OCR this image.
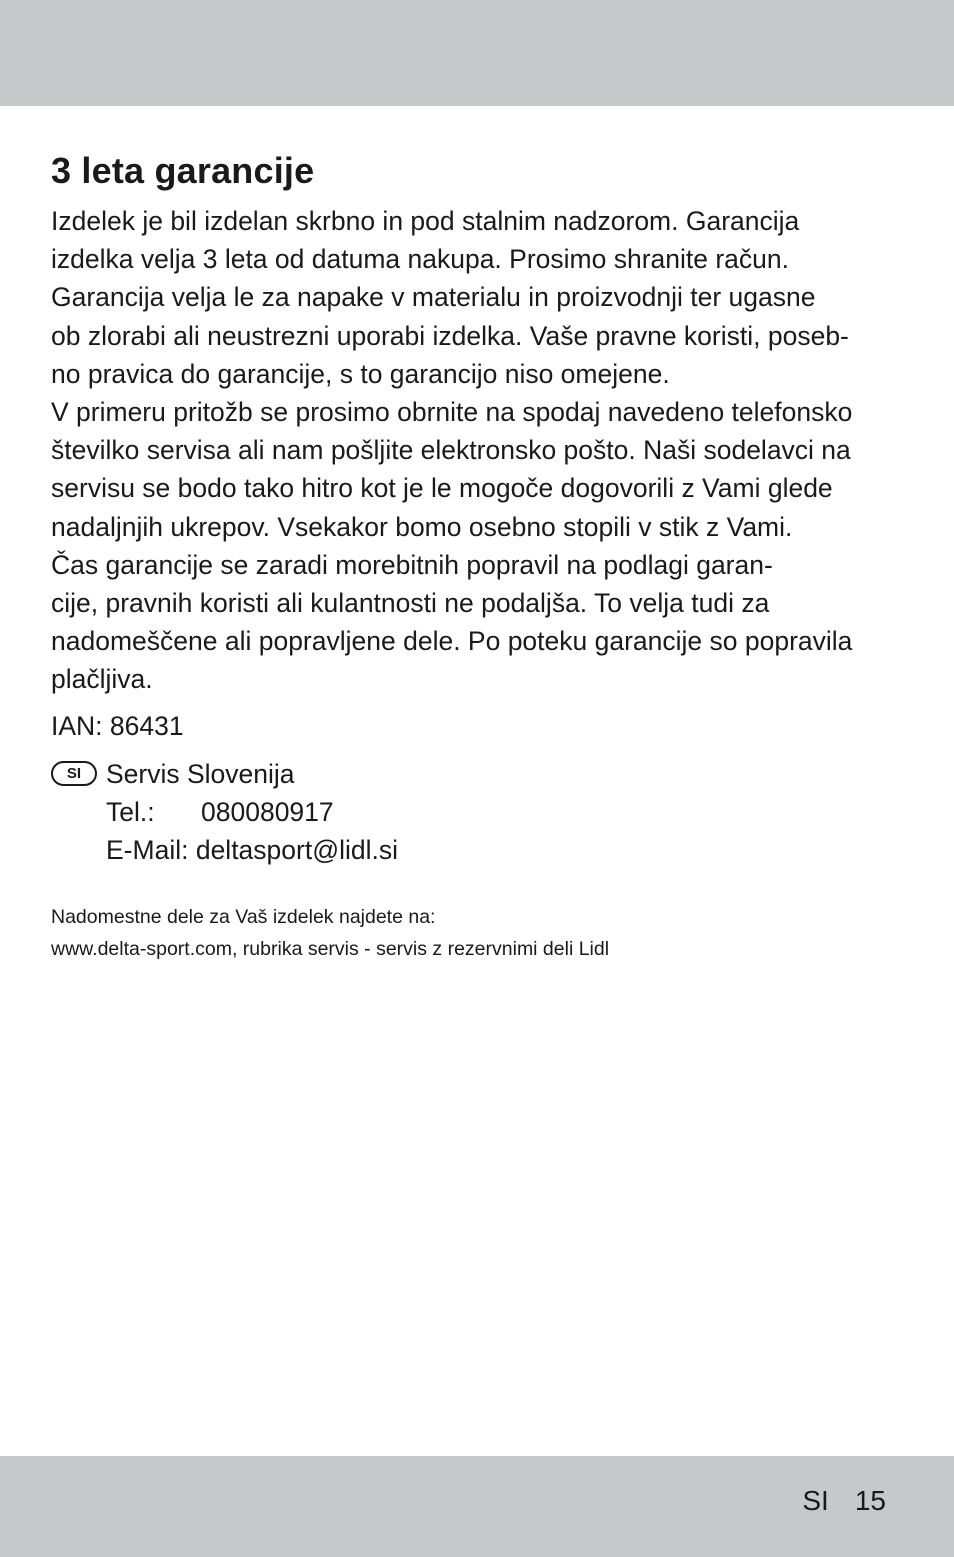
3 leta garancije

Izdelek je bil izdelan skrbno in pod stalnim nadzorom. Garancija
izdelka velja 3 leta od datuma nakupa. Prosimo shranite račun.
Garancija velja le za napake v materialu in proizvodnji ter ugasne
ob zlorabi ali neustrezni uporabi izdelka. Vaše pravne koristi, poseb-
no pravica do garancije, s to garancijo niso omejene.

V primeru pritožb se prosimo obrnite na spodaj navedeno telefonsko
številko servisa ali nam pošljite elektronsko pošto. Naši sodelavci na
servisu se bodo tako hitro kot je le mogoče dogovorili z Vami glede
nadaljnjih ukrepov. Vsekakor bomo osebno stopili v stik z Vami.

Čas garancije se zaradi morebitnih popravil na podlagi garan-
cije, pravnih koristi ali kulantnosti ne podaljša. To velja tudi za
nadomeščene ali popravljene dele. Po poteku garancije so popravila
plačljiva.

IAN: 86431
SI Servis Slovenija
Tel.: 080080917
E-Mail: deltasport@lidl.si
Nadomestne dele za Vaš izdelek najdete na:
www.delta-sport.com, rubrika servis - servis z rezervnimi deli Lidl
SI 15
